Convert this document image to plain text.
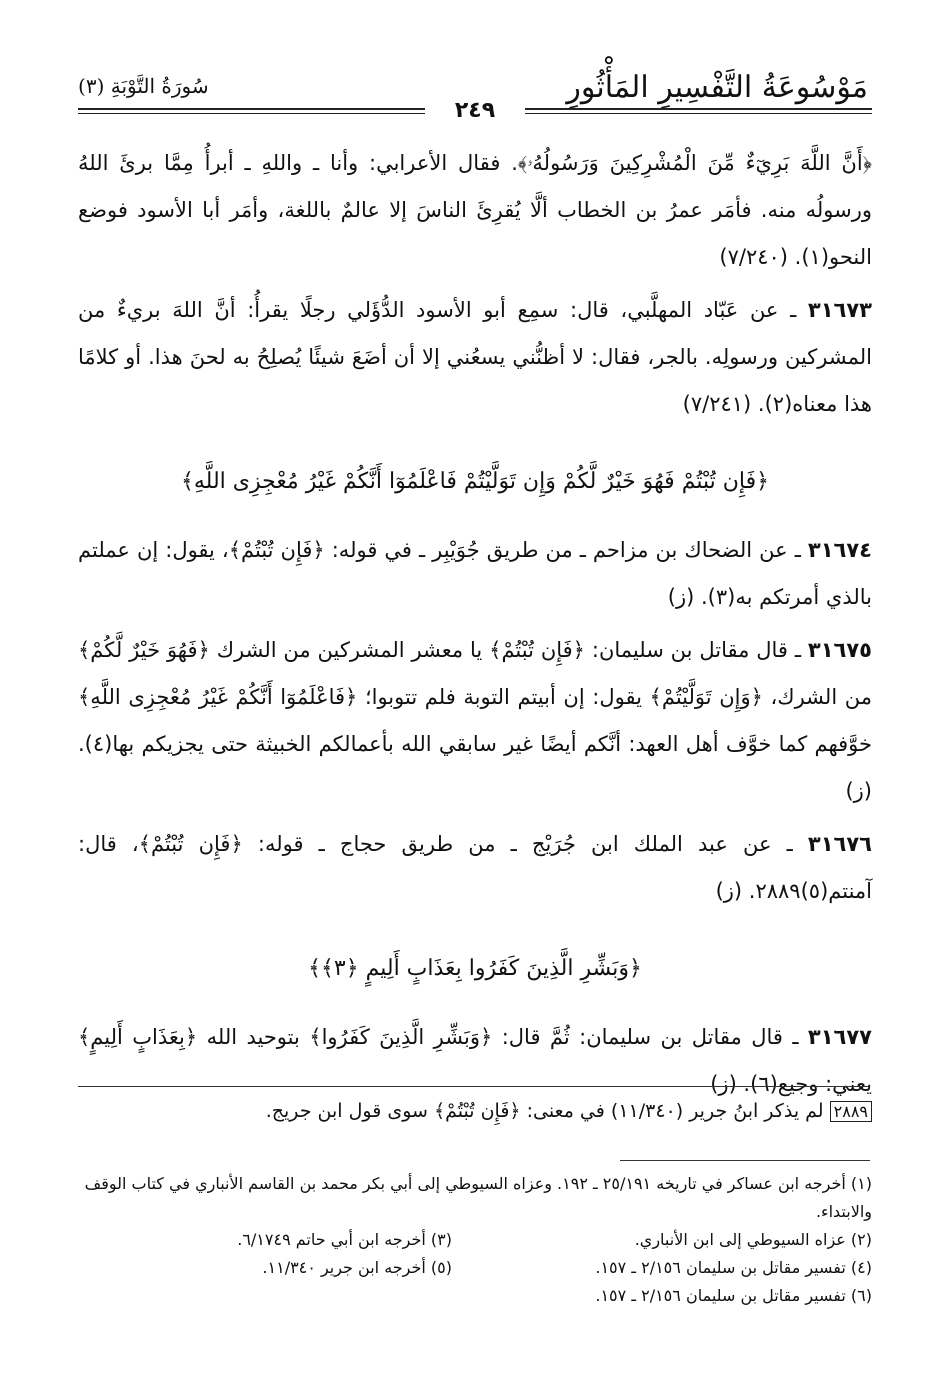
مَوْسُوعَةُ التَّفْسِيرِ المَأْثُورِ
سُورَةُ التَّوْبَةِ (٣)
٢٤٩

﴿أَنَّ اللَّهَ بَرِيٓءٌ مِّنَ الْمُشْرِكِينَ وَرَسُولُهُۥ﴾. فقال الأعرابي: وأنا ـ واللهِ ـ أبرأُ مِمَّا برئَ اللهُ ورسولُه منه. فأمَر عمرُ بن الخطاب ألَّا يُقرِئَ الناسَ إلا عالمٌ باللغة، وأمَر أبا الأسود فوضع النحو(١). (٧/٢٤٠)

٣١٦٧٣ ـ عن عَبّاد المهلَّبي، قال: سمِع أبو الأسود الدُّؤَلي رجلًا يقرأُ: أنَّ اللهَ بريءٌ من المشركين ورسولِه. بالجر، فقال: لا أظنُّني يسعُني إلا أن أضَعَ شيئًا يُصلِحُ به لحنَ هذا. أو كلامًا هذا معناه(٢). (٧/٢٤١)

﴿فَإِن تُبْتُمْ فَهُوَ خَيْرٌ لَّكُمْ وَإِن تَوَلَّيْتُمْ فَاعْلَمُوٓا أَنَّكُمْ غَيْرُ مُعْجِزِى اللَّهِ﴾

٣١٦٧٤ ـ عن الضحاك بن مزاحم ـ من طريق جُوَيْبِر ـ في قوله: ﴿فَإِن تُبْتُمْ﴾، يقول: إن عملتم بالذي أمرتكم به(٣). (ز)

٣١٦٧٥ ـ قال مقاتل بن سليمان: ﴿فَإِن تُبْتُمْ﴾ يا معشر المشركين من الشرك ﴿فَهُوَ خَيْرٌ لَّكُمْ﴾ من الشرك، ﴿وَإِن تَوَلَّيْتُمْ﴾ يقول: إن أبيتم التوبة فلم تتوبوا؛ ﴿فَاعْلَمُوٓا أَنَّكُمْ غَيْرُ مُعْجِزِى اللَّهِ﴾ خوَّفهم كما خوَّف أهل العهد: أنَّكم أيضًا غير سابقي الله بأعمالكم الخبيثة حتى يجزيكم بها(٤). (ز)

٣١٦٧٦ ـ عن عبد الملك ابن جُرَيْج ـ من طريق حجاج ـ قوله: ﴿فَإِن تُبْتُمْ﴾، قال: آمنتم(٥)٢٨٨٩. (ز)

﴿وَبَشِّرِ الَّذِينَ كَفَرُوا بِعَذَابٍ أَلِيمٍ ﴿٣﴾﴾

٣١٦٧٧ ـ قال مقاتل بن سليمان: ثُمَّ قال: ﴿وَبَشِّرِ الَّذِينَ كَفَرُوا﴾ بتوحيد الله ﴿بِعَذَابٍ أَلِيمٍ﴾ يعني: وجيع(٦). (ز)

٢٨٨٩ لم يذكر ابنُ جرير (١١/٣٤٠) في معنى: ﴿فَإِن تُبْتُمْ﴾ سوى قول ابن جريج.
(١) أخرجه ابن عساكر في تاريخه ٢٥/١٩١ ـ ١٩٢. وعزاه السيوطي إلى أبي بكر محمد بن القاسم الأنباري في كتاب الوقف والابتداء.
(٢) عزاه السيوطي إلى ابن الأنباري.
(٣) أخرجه ابن أبي حاتم ٦/١٧٤٩.
(٤) تفسير مقاتل بن سليمان ٢/١٥٦ ـ ١٥٧.
(٥) أخرجه ابن جرير ١١/٣٤٠.
(٦) تفسير مقاتل بن سليمان ٢/١٥٦ ـ ١٥٧.
